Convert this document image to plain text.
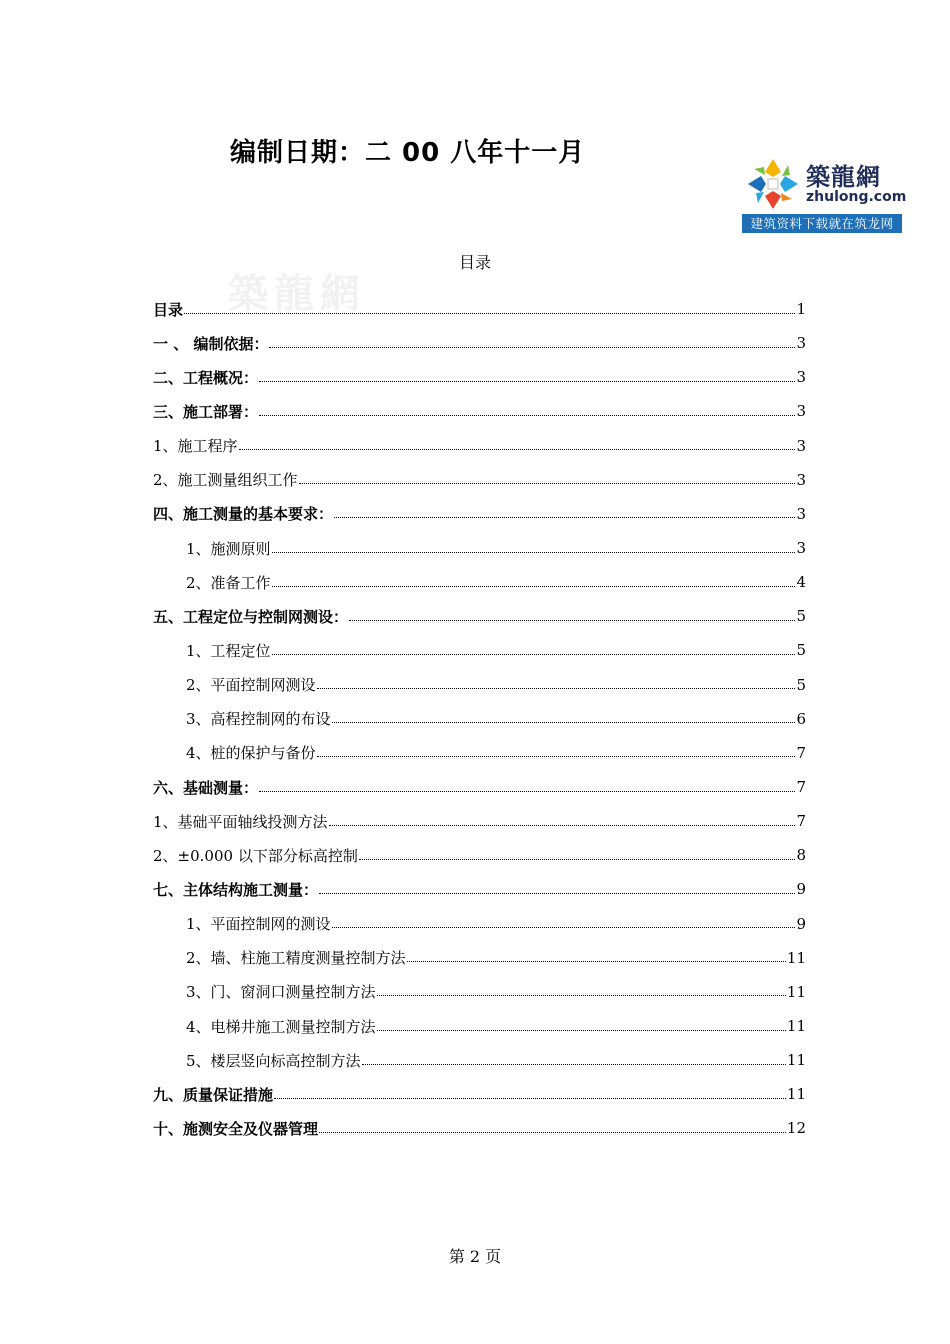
编制日期：二 00 八年十一月
築龍網
zhulong.com
建筑资料下载就在筑龙网
築龍網
目录
目录	1
一 、 编制依据：	3
二、工程概况：	3
三、施工部署：	3
1、施工程序	3
2、施工测量组织工作	3
四、施工测量的基本要求：	3
1、施测原则	3
2、准备工作	4
五、工程定位与控制网测设：	5
1、工程定位	5
2、平面控制网测设	5
3、高程控制网的布设	6
4、桩的保护与备份	7
六、基础测量：	7
1、基础平面轴线投测方法	7
2、±0.000 以下部分标高控制	8
七、主体结构施工测量：	9
1、平面控制网的测设	9
2、墙、柱施工精度测量控制方法	11
3、门、窗洞口测量控制方法	11
4、电梯井施工测量控制方法	11
5、楼层竖向标高控制方法	11
九、质量保证措施	11
十、施测安全及仪器管理	12
第 2 页
